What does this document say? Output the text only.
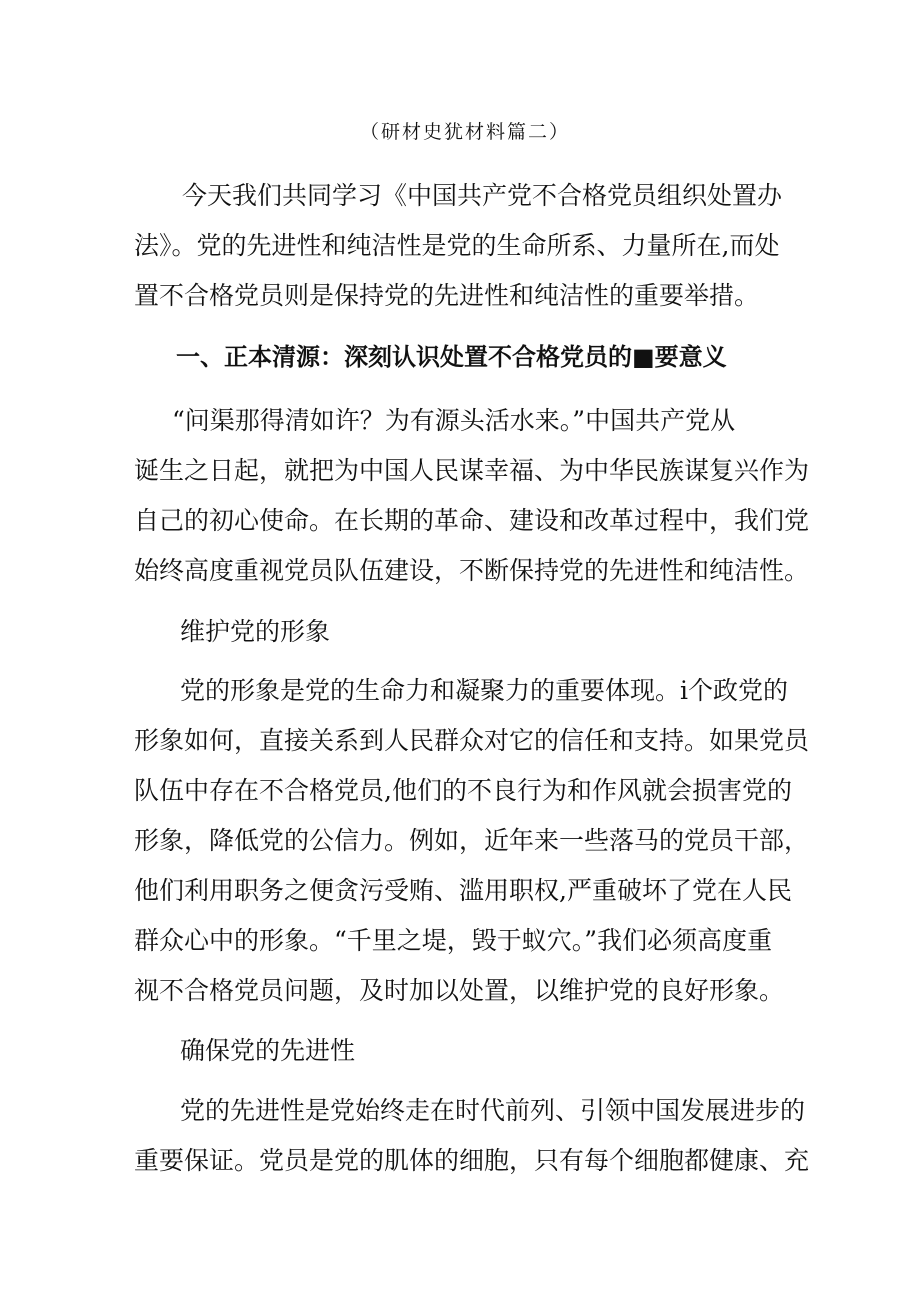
（研材史犹材料篇二）
今天我们共同学习《中国共产党不合格党员组织处置办
法》。党的先进性和纯洁性是党的生命所系、力量所在,而处
置不合格党员则是保持党的先进性和纯洁性的重要举措。
一、正本清源：深刻认识处置不合格党员的■要意义
“问渠那得清如许？为有源头活水来。”中国共产党从
诞生之日起，就把为中国人民谋幸福、为中华民族谋复兴作为
自己的初心使命。在长期的革命、建设和改革过程中，我们党
始终高度重视党员队伍建设，不断保持党的先进性和纯洁性。
维护党的形象
党的形象是党的生命力和凝聚力的重要体现。i个政党的
形象如何，直接关系到人民群众对它的信任和支持。如果党员
队伍中存在不合格党员,他们的不良行为和作风就会损害党的
形象，降低党的公信力。例如，近年来一些落马的党员干部，
他们利用职务之便贪污受贿、滥用职权,严重破坏了党在人民
群众心中的形象。“千里之堤，毁于蚁穴。”我们必须高度重
视不合格党员问题，及时加以处置，以维护党的良好形象。
确保党的先进性
党的先进性是党始终走在时代前列、引领中国发展进步的
重要保证。党员是党的肌体的细胞，只有每个细胞都健康、充
